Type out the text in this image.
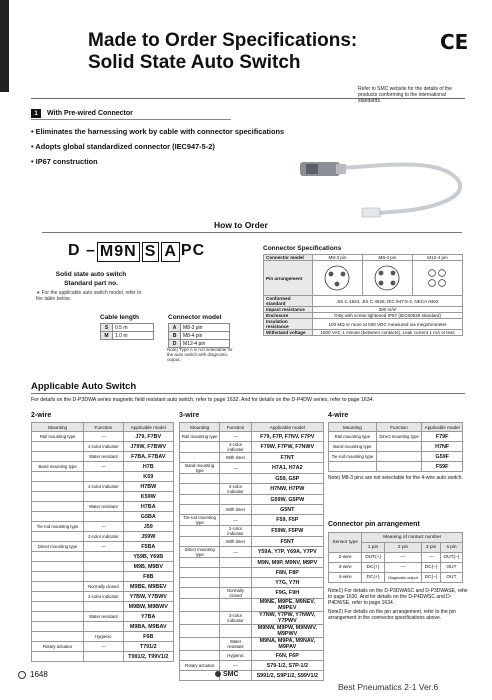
Made to Order Specifications:
Solid State Auto Switch
CE
Refer to SMC website for the details of the products conforming to the international standards.
1	With Pre-wired Connector
• Eliminates the harnessing work by cable with connector specifications
• Adopts global standardized connector (IEC947-5-2)
• IP67 construction
How to Order
D – M9N S A PC
Solid state auto switch
Standard part no.
∗ For the applicable auto switch model, refer to the table below.
Cable length
S	0.5 m
M	1.0 m
Connector model
A	M8-3 pin
B	M8-4 pin
D	M12-4 pin
Note) Type A is not selectable for the auto switch with diagnostic output.
Connector Specifications
Connector model	M8-3 pin	M8-4 pin	M12-4 pin
Pin arrangement	

Conformed standard	JIS C 4524, JIS C 4525, IEC 947-5-2, NECA 0402		
Impact resistance	300 m/s²		
Enclosure	Only with screw tightened IP67 (IEC60529 standard)		
Insulation resistance	100 MΩ or more at 500 VDC measured via megohmmeter		
Withstand voltage	1500 VAC 1 minute (between contacts), Leak current 1 mA or less		
Applicable Auto Switch
For details on the D-P3DWA series magnetic field resistant auto switch, refer to page 1632. And for details on the D-P4DW series, refer to page 1634.
2-wire
Mounting	Function	Applicable model
Rail mounting type	—	J79, F7BV
	2-color indicator	J79W, F7BWV
	Water resistant	F7BA, F7BAV
Band mounting type	—	H7B
		K59
	2-color indicator	H7BW
		K59W
	Water resistant	H7BA
		G5BA
Tie-rod mounting type	—	J59
	2-color indicator	J59W
Direct mounting type	—	F5BA
		Y59B, Y69B
		M9B, M9BV
		F8B
	Normally closed	M9BE, M9BEV
	2-color indicator	Y7BW, Y7BWV
		M9BW, M9BWV
	Water resistant	Y7BA
		M9BA, M9BAV
	Hygienic	F6B
Rotary actuator	—	T791/2
		T991/2, T99V1/2
3-wire
Mounting	Function	Applicable model
Rail mounting type	—	F79, F7P, F7NV, F7PV
	2-color indicator	F79W, F7PW, F7NWV
	With timer	F7NT
Band mounting type	—	H7A1, H7A2
		G59, G5P
	2-color indicator	H7NW, H7PW
		G59W, G5PW
	With timer	G5NT
Tie-rod mounting type	—	F59, F5P
	2-color indicator	F59W, F5PW
	With timer	F5NT
Direct mounting type	—	Y59A, Y7P, Y69A, Y7PV
		M9N, M9P, M9NV, M9PV
		F8N, F8P
		Y7G, Y7H
	Normally closed	F9G, F9H
		M9NE, M9PE, M9NEV, M9PEV
	2-color indicator	Y7NW, Y7PW, Y7NWV, Y7PWV
		M9NW, M9PW, M9NWV, M9PWV
	Water resistant	M9NA, M9PA, M9NAV, M9PAV
	Hygienic	F6N, F6P
Rotary actuator	—	S79-1/2, S7P-1/2
		S991/2, S9P1/2, S99V1/2
4-wire
Mounting	Function	Applicable model
Rail mounting type	Direct mounting type	F79F
Band mounting type		H7NF
Tie-rod mounting type		G59F
		F59F
Note) M8-3 pins are not selectable for the 4-wire auto switch.
Connector pin arrangement
Sensor type	Meaning of contact number			
	1 pin	2 pin	3 pin	4 pin
2-wire	OUT(+)	—	—	OUT(–)
3-wire	DC(+)	—	DC(–)	OUT
4-wire	DC(+)	Diagnostic output	DC(–)	OUT
Note1) For details on the D-P3DWASC and D-P3DWASE, refer to page 1630. And for details on the D-P4DWSC and D-P4DWSE, refer to page 1634.
Note2) For details on the pin arrangement, refer to the pin arrangement in the connector specifications above.
1648	SMC
Best Pneumatics 2-1 Ver.6
